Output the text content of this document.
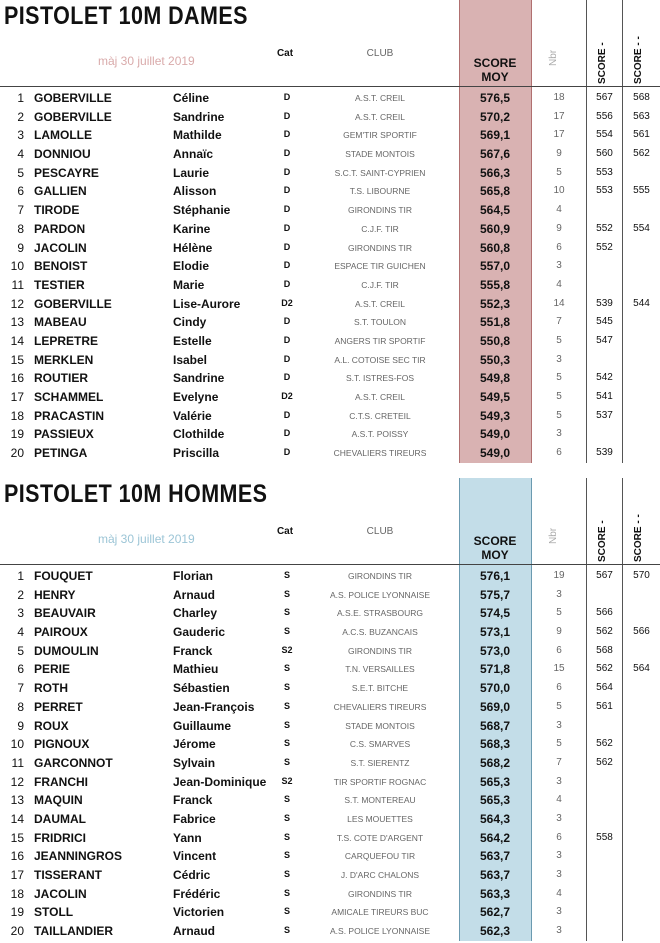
PISTOLET 10M DAMES
màj 30 juillet 2019
Cat	CLUB
SCORE MOY
Nbr	SCORE -	SCORE - -
1 GOBERVILLE	Céline	D	A.S.T. CREIL	576,5	18	567	568
2 GOBERVILLE	Sandrine	D	A.S.T. CREIL	570,2	17	556	563
3 LAMOLLE	Mathilde	D	GEM'TIR SPORTIF	569,1	17	554	561
4 DONNIOU	Annaïc	D	STADE MONTOIS	567,6	9	560	562
5 PESCAYRE	Laurie	D	S.C.T. SAINT-CYPRIEN	566,3	5	553
6 GALLIEN	Alisson	D	T.S. LIBOURNE	565,8	10	553	555
7 TIRODE	Stéphanie	D	GIRONDINS TIR	564,5	4
8 PARDON	Karine	D	C.J.F. TIR	560,9	9	552	554
9 JACOLIN	Hélène	D	GIRONDINS TIR	560,8	6	552
10 BENOIST	Elodie	D	ESPACE TIR GUICHEN	557,0	3
11 TESTIER	Marie	D	C.J.F. TIR	555,8	4
12 GOBERVILLE	Lise-Aurore	D2	A.S.T. CREIL	552,3	14	539	544
13 MABEAU	Cindy	D	S.T. TOULON	551,8	7	545
14 LEPRETRE	Estelle	D	ANGERS TIR SPORTIF	550,8	5	547
15 MERKLEN	Isabel	D	A.L. COTOISE SEC TIR	550,3	3
16 ROUTIER	Sandrine	D	S.T. ISTRES-FOS	549,8	5	542
17 SCHAMMEL	Evelyne	D2	A.S.T. CREIL	549,5	5	541
18 PRACASTIN	Valérie	D	C.T.S. CRETEIL	549,3	5	537
19 PASSIEUX	Clothilde	D	A.S.T. POISSY	549,0	3
20 PETINGA	Priscilla	D	CHEVALIERS TIREURS	549,0	6	539
PISTOLET 10M HOMMES
màj 30 juillet 2019
Cat	CLUB
SCORE MOY
Nbr	SCORE -	SCORE - -
1 FOUQUET	Florian	S	GIRONDINS TIR	576,1	19	567	570
2 HENRY	Arnaud	S	A.S. POLICE LYONNAISE	575,7	3
3 BEAUVAIR	Charley	S	A.S.E. STRASBOURG	574,5	5	566
4 PAIROUX	Gauderic	S	A.C.S. BUZANCAIS	573,1	9	562	566
5 DUMOULIN	Franck	S2	GIRONDINS TIR	573,0	6	568
6 PERIE	Mathieu	S	T.N. VERSAILLES	571,8	15	562	564
7 ROTH	Sébastien	S	S.E.T. BITCHE	570,0	6	564
8 PERRET	Jean-François	S	CHEVALIERS TIREURS	569,0	5	561
9 ROUX	Guillaume	S	STADE MONTOIS	568,7	3
10 PIGNOUX	Jérome	S	C.S. SMARVES	568,3	5	562
11 GARCONNOT	Sylvain	S	S.T. SIERENTZ	568,2	7	562
12 FRANCHI	Jean-Dominique	S2	TIR SPORTIF ROGNAC	565,3	3
13 MAQUIN	Franck	S	S.T. MONTEREAU	565,3	4
14 DAUMAL	Fabrice	S	LES MOUETTES	564,3	3
15 FRIDRICI	Yann	S	T.S. COTE D'ARGENT	564,2	6	558
16 JEANNINGROS	Vincent	S	CARQUEFOU TIR	563,7	3
17 TISSERANT	Cédric	S	J. D'ARC CHALONS	563,7	3
18 JACOLIN	Frédéric	S	GIRONDINS TIR	563,3	4
19 STOLL	Victorien	S	AMICALE TIREURS BUC	562,7	3
20 TAILLANDIER	Arnaud	S	A.S. POLICE LYONNAISE	562,3	3
